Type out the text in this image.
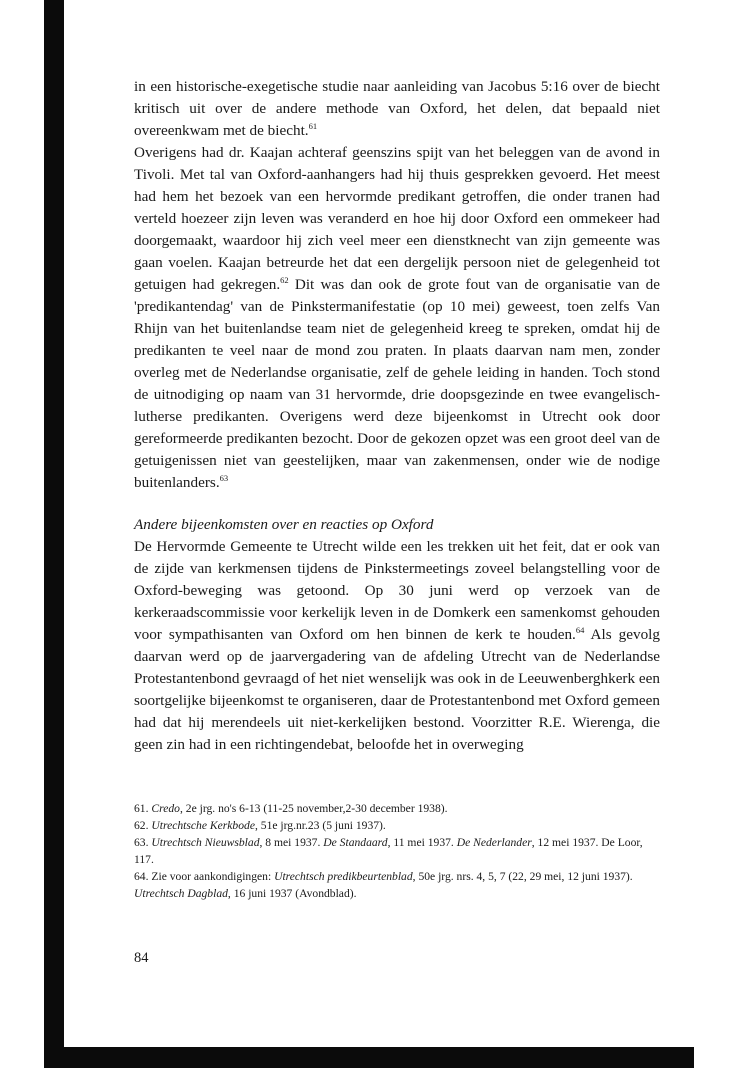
in een historische-exegetische studie naar aanleiding van Jacobus 5:16 over de biecht kritisch uit over de andere methode van Oxford, het delen, dat bepaald niet overeenkwam met de biecht.$^{61}$

Overigens had dr. Kaajan achteraf geenszins spijt van het beleggen van de avond in Tivoli. Met tal van Oxford-aanhangers had hij thuis gesprekken gevoerd. Het meest had hem het bezoek van een hervormde predikant getroffen, die onder tranen had verteld hoezeer zijn leven was veranderd en hoe hij door Oxford een ommekeer had doorgemaakt, waardoor hij zich veel meer een dienstknecht van zijn gemeente was gaan voelen. Kaajan betreurde het dat een dergelijk persoon niet de gelegenheid tot getuigen had gekregen.$^{62}$ Dit was dan ook de grote fout van de organisatie van de 'predikantendag' van de Pinkstermanifestatie (op 10 mei) geweest, toen zelfs Van Rhijn van het buitenlandse team niet de gelegenheid kreeg te spreken, omdat hij de predikanten te veel naar de mond zou praten. In plaats daarvan nam men, zonder overleg met de Nederlandse organisatie, zelf de gehele leiding in handen. Toch stond de uitnodiging op naam van 31 hervormde, drie doopsgezinde en twee evangelisch-lutherse predikanten. Overigens werd deze bijeenkomst in Utrecht ook door gereformeerde predikanten bezocht. Door de gekozen opzet was een groot deel van de getuigenissen niet van geestelijken, maar van zakenmensen, onder wie de nodige buitenlanders.$^{63}$

Andere bijeenkomsten over en reacties op Oxford

De Hervormde Gemeente te Utrecht wilde een les trekken uit het feit, dat er ook van de zijde van kerkmensen tijdens de Pinkstermeetings zoveel belangstelling voor de Oxford-beweging was getoond. Op 30 juni werd op verzoek van de kerkeraadscommissie voor kerkelijk leven in de Domkerk een samenkomst gehouden voor sympathisanten van Oxford om hen binnen de kerk te houden.$^{64}$ Als gevolg daarvan werd op de jaarvergadering van de afdeling Utrecht van de Nederlandse Protestantenbond gevraagd of het niet wenselijk was ook in de Leeuwenberghkerk een soortgelijke bijeenkomst te organiseren, daar de Protestantenbond met Oxford gemeen had dat hij merendeels uit niet-kerkelijken bestond. Voorzitter R.E. Wierenga, die geen zin had in een richtingendebat, beloofde het in overweging

61. Credo, 2e jrg. no's 6-13 (11-25 november,2-30 december 1938).

62. Utrechtsche Kerkbode, 51e jrg.nr.23 (5 juni 1937).

63. Utrechtsch Nieuwsblad, 8 mei 1937. De Standaard, 11 mei 1937. De Nederlander, 12 mei 1937. De Loor, 117.

64. Zie voor aankondigingen: Utrechtsch predikbeurtenblad, 50e jrg. nrs. 4, 5, 7 (22, 29 mei, 12 juni 1937). Utrechtsch Dagblad, 16 juni 1937 (Avondblad).

84
